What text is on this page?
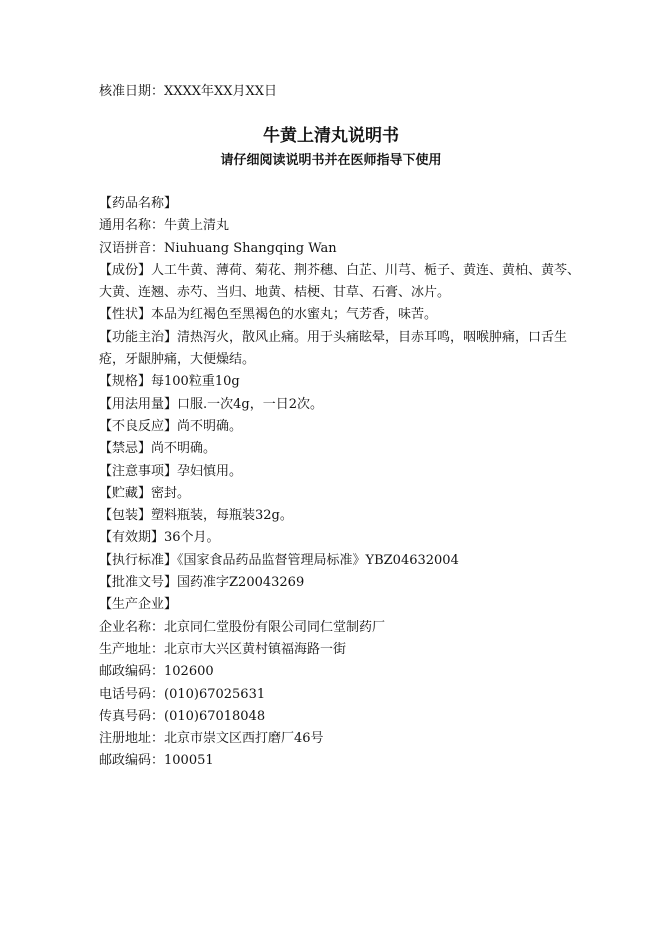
核准日期：XXXX年XX月XX日
牛黄上清丸说明书
请仔细阅读说明书并在医师指导下使用
【药品名称】
通用名称：牛黄上清丸
汉语拼音：Niuhuang Shangqing Wan
【成份】人工牛黄、薄荷、菊花、荆芥穗、白芷、川芎、栀子、黄连、黄柏、黄芩、大黄、连翘、赤芍、当归、地黄、桔梗、甘草、石膏、冰片。
【性状】本品为红褐色至黑褐色的水蜜丸；气芳香，味苦。
【功能主治】清热泻火，散风止痛。用于头痛眩晕，目赤耳鸣，咽喉肿痛，口舌生疮，牙龈肿痛，大便燥结。
【规格】每100粒重10g
【用法用量】口服.一次4g，一日2次。
【不良反应】尚不明确。
【禁忌】尚不明确。
【注意事项】孕妇慎用。
【贮藏】密封。
【包装】塑料瓶装，每瓶装32g。
【有效期】36个月。
【执行标准】《国家食品药品监督管理局标准》YBZ04632004
【批准文号】国药准字Z20043269
【生产企业】
企业名称：北京同仁堂股份有限公司同仁堂制药厂
生产地址：北京市大兴区黄村镇福海路一街
邮政编码：102600
电话号码：(010)67025631
传真号码：(010)67018048
注册地址：北京市崇文区西打磨厂46号
邮政编码：100051
